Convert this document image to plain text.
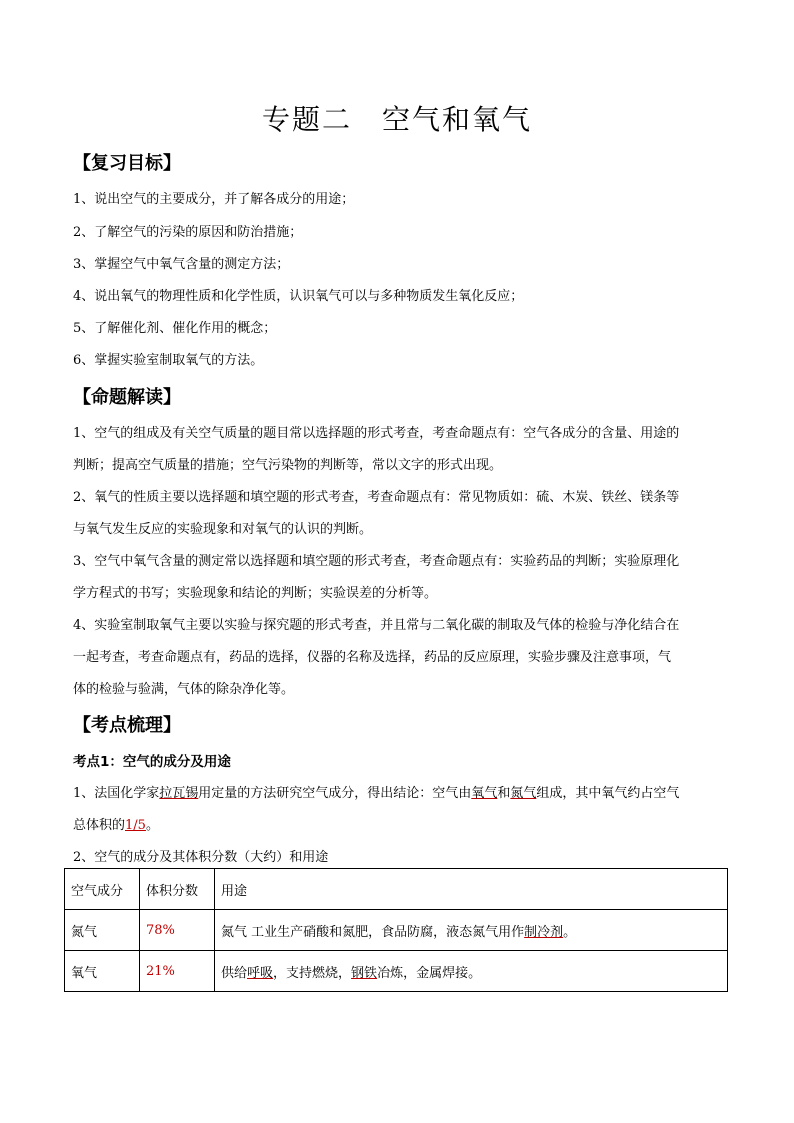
专题二　空气和氧气
【复习目标】
1、说出空气的主要成分，并了解各成分的用途；
2、了解空气的污染的原因和防治措施；
3、掌握空气中氧气含量的测定方法；
4、说出氧气的物理性质和化学性质，认识氧气可以与多种物质发生氧化反应；
5、了解催化剂、催化作用的概念；
6、掌握实验室制取氧气的方法。
【命题解读】
1、空气的组成及有关空气质量的题目常以选择题的形式考查，考查命题点有：空气各成分的含量、用途的
判断；提高空气质量的措施；空气污染物的判断等，常以文字的形式出现。
2、氧气的性质主要以选择题和填空题的形式考查，考查命题点有：常见物质如：硫、木炭、铁丝、镁条等
与氧气发生反应的实验现象和对氧气的认识的判断。
3、空气中氧气含量的测定常以选择题和填空题的形式考查，考查命题点有：实验药品的判断；实验原理化
学方程式的书写；实验现象和结论的判断；实验误差的分析等。
4、实验室制取氧气主要以实验与探究题的形式考查，并且常与二氧化碳的制取及气体的检验与净化结合在
一起考查，考查命题点有，药品的选择，仪器的名称及选择，药品的反应原理，实验步骤及注意事项，气
体的检验与验满，气体的除杂净化等。
【考点梳理】
考点1：空气的成分及用途
1、法国化学家拉瓦锡用定量的方法研究空气成分，得出结论：空气由氧气和氮气组成，其中氧气约占空气
总体积的1/5。
2、空气的成分及其体积分数（大约）和用途
空气成分	体积分数	用途
氮气	78%	氮气 工业生产硝酸和氮肥，食品防腐，液态氮气用作制冷剂。
氧气	21%	供给呼吸，支持燃烧，钢铁冶炼，金属焊接。
